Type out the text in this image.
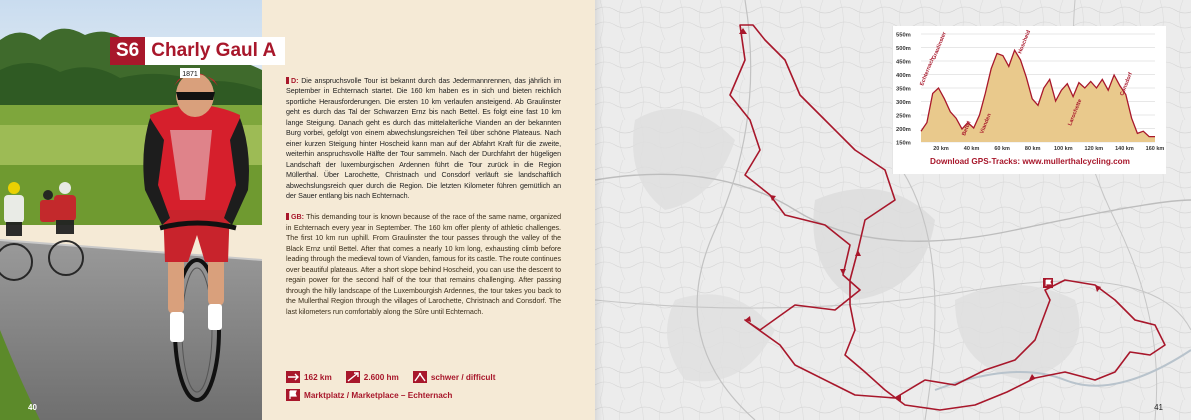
1871
40
S6 Charly Gaul A

D: Die anspruchsvolle Tour ist bekannt durch das Jedermannrennen, das jährlich im September in Echternach startet. Die 160 km haben es in sich und bieten reichlich sportliche Herausforderungen. Die ersten 10 km verlaufen ansteigend. Ab Graulinster geht es durch das Tal der Schwarzen Ernz bis nach Bettel. Es folgt eine fast 10 km lange Steigung. Danach geht es durch das mittelalterliche Vianden an der bekannten Burg vorbei, gefolgt von einem abwechslungsreichen Teil über schöne Plateaus. Nach einer kurzen Steigung hinter Hoscheid kann man auf der Abfahrt Kraft für die zweite, weiterhin anspruchsvolle Hälfte der Tour sammeln. Nach der Durchfahrt der hügeligen Landschaft der luxemburgischen Ardennen führt die Tour zurück in die Region Müllerthal. Über Larochette, Christnach und Consdorf verläuft sie landschaftlich abwechslungsreich quer durch die Region. Die letzten Kilometer führen gemütlich an der Sauer entlang bis nach Echternach.

GB: This demanding tour is known because of the race of the same name, organized in Echternach every year in September. The 160 km offer plenty of athletic challenges. The first 10 km run uphill. From Graulinster the tour passes through the valley of the Black Ernz until Bettel. After that comes a nearly 10 km long, exhausting climb before leading through the medieval town of Vianden, famous for its castle. The route continues over beautiful plateaus. After a short slope behind Hoscheid, you can use the descent to regain power for the second half of the tour that remains challenging. After passing through the hilly landscape of the Luxembourgish Ardennes, the tour takes you back to the Mullerthal Region through the villages of Larochette, Christnach and Consdorf. The last kilometers run comfortably along the Sûre until Echternach.

162 km	2.600 hm	schwer / difficult
Marktplatz / Marketplace – Echternach
550m
500m
450m
400m
350m
300m
250m
200m
150m
20 km	40 km	60 km	80 km 100 km 120 km 140 km 160 km
Echternach
Graulinster
Bettel Vianden
Hoscheid
Larochette
Consdorf
Download GPS-Tracks: www.mullerthalcycling.com
41
